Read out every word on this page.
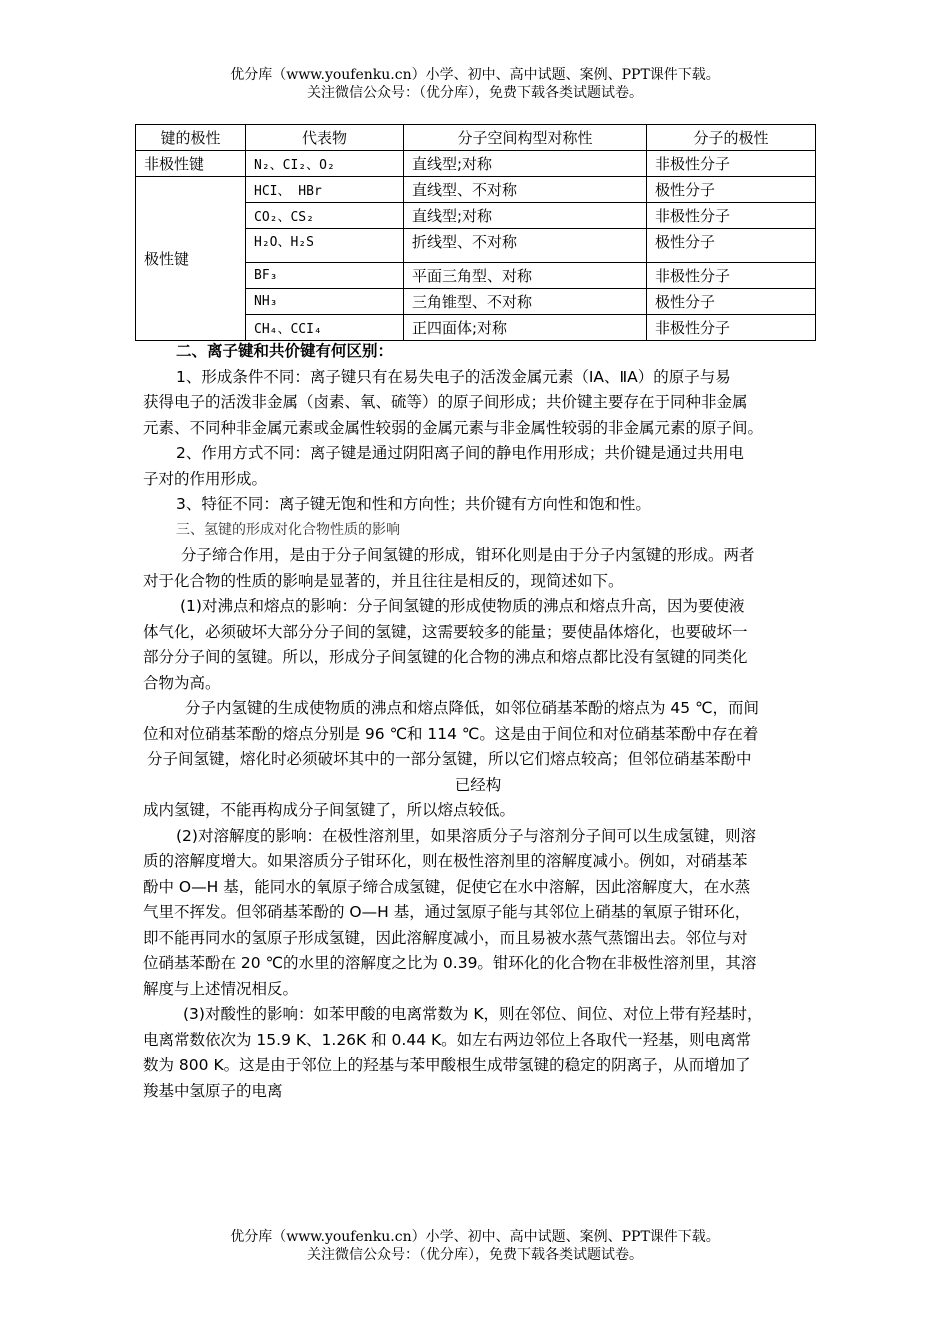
优分库（www.youfenku.cn）小学、初中、高中试题、案例、PPT课件下载。
关注微信公众号：（优分库），免费下载各类试题试卷。
键的极性	代表物	分子空间构型对称性	分子的极性
非极性键	N₂、CI₂、O₂	直线型;对称	非极性分子
极性键	HCI、 HBr	直线型、不对称	极性分子
	CO₂、CS₂	直线型;对称	非极性分子
	H₂O、H₂S	折线型、不对称	极性分子
	BF₃	平面三角型、对称	非极性分子
	NH₃	三角锥型、不对称	极性分子
	CH₄、CCI₄	正四面体;对称	非极性分子

二、离子键和共价键有何区别：

1、形成条件不同：离子键只有在易失电子的活泼金属元素（ⅠA、ⅡA）的原子与易

获得电子的活泼非金属（卤素、氧、硫等）的原子间形成；共价键主要存在于同种非金属

元素、不同种非金属元素或金属性较弱的金属元素与非金属性较弱的非金属元素的原子间。

2、作用方式不同：离子键是通过阴阳离子间的静电作用形成；共价键是通过共用电

子对的作用形成。

3、特征不同：离子键无饱和性和方向性；共价键有方向性和饱和性。

三、氢键的形成对化合物性质的影响

分子缔合作用，是由于分子间氢键的形成，钳环化则是由于分子内氢键的形成。两者

对于化合物的性质的影响是显著的，并且往往是相反的，现简述如下。

(1)对沸点和熔点的影响：分子间氢键的形成使物质的沸点和熔点升高，因为要使液

体气化，必须破坏大部分分子间的氢键，这需要较多的能量；要使晶体熔化，也要破坏一

部分分子间的氢键。所以，形成分子间氢键的化合物的沸点和熔点都比没有氢键的同类化

合物为高。

分子内氢键的生成使物质的沸点和熔点降低，如邻位硝基苯酚的熔点为 45 ℃，而间

位和对位硝基苯酚的熔点分别是 96 ℃和 114 ℃。这是由于间位和对位硝基苯酚中存在着

分子间氢键，熔化时必须破坏其中的一部分氢键，所以它们熔点较高；但邻位硝基苯酚中

已经构

成内氢键，不能再构成分子间氢键了，所以熔点较低。

(2)对溶解度的影响：在极性溶剂里，如果溶质分子与溶剂分子间可以生成氢键，则溶

质的溶解度增大。如果溶质分子钳环化，则在极性溶剂里的溶解度减小。例如，对硝基苯

酚中 O—H 基，能同水的氧原子缔合成氢键，促使它在水中溶解，因此溶解度大，在水蒸

气里不挥发。但邻硝基苯酚的 O—H 基，通过氢原子能与其邻位上硝基的氧原子钳环化，

即不能再同水的氢原子形成氢键，因此溶解度减小，而且易被水蒸气蒸馏出去。邻位与对

位硝基苯酚在 20 ℃的水里的溶解度之比为 0.39。钳环化的化合物在非极性溶剂里，其溶

解度与上述情况相反。

(3)对酸性的影响：如苯甲酸的电离常数为 K，则在邻位、间位、对位上带有羟基时，

电离常数依次为 15.9 K、1.26K 和 0.44 K。如左右两边邻位上各取代一羟基，则电离常

数为 800 K。这是由于邻位上的羟基与苯甲酸根生成带氢键的稳定的阴离子，从而增加了

羧基中氢原子的电离

优分库（www.youfenku.cn）小学、初中、高中试题、案例、PPT课件下载。
关注微信公众号：（优分库），免费下载各类试题试卷。
